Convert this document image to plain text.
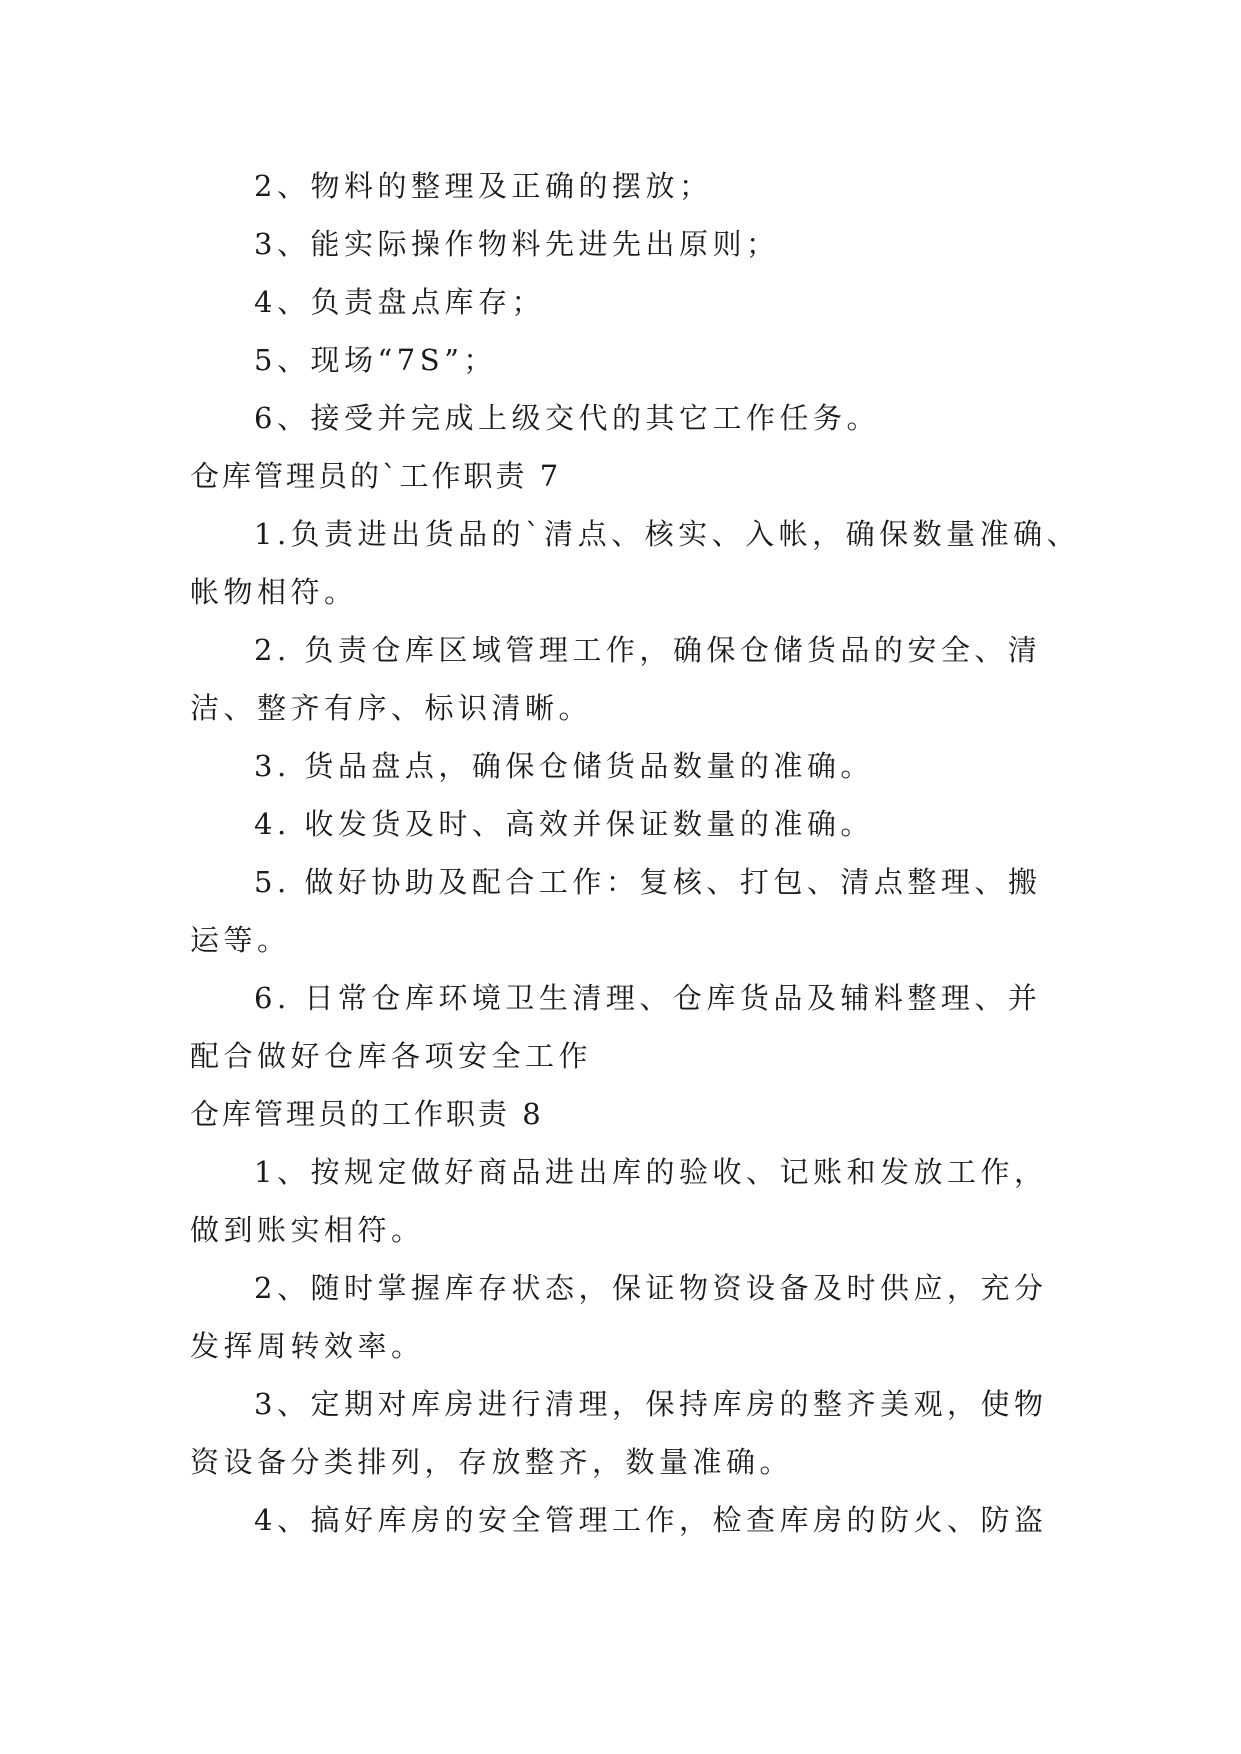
2、物料的整理及正确的摆放；
3、能实际操作物料先进先出原则；
4、负责盘点库存；
5、现场“7S”；
6、接受并完成上级交代的其它工作任务。
仓库管理员的`工作职责 7
1.负责进出货品的`清点、核实、入帐，确保数量准确、
帐物相符。
2. 负责仓库区域管理工作，确保仓储货品的安全、清
洁、整齐有序、标识清晰。
3. 货品盘点，确保仓储货品数量的准确。
4. 收发货及时、高效并保证数量的准确。
5. 做好协助及配合工作：复核、打包、清点整理、搬
运等。
6. 日常仓库环境卫生清理、仓库货品及辅料整理、并
配合做好仓库各项安全工作
仓库管理员的工作职责 8
1、按规定做好商品进出库的验收、记账和发放工作，
做到账实相符。
2、随时掌握库存状态，保证物资设备及时供应，充分
发挥周转效率。
3、定期对库房进行清理，保持库房的整齐美观，使物
资设备分类排列，存放整齐，数量准确。
4、搞好库房的安全管理工作，检查库房的防火、防盗
